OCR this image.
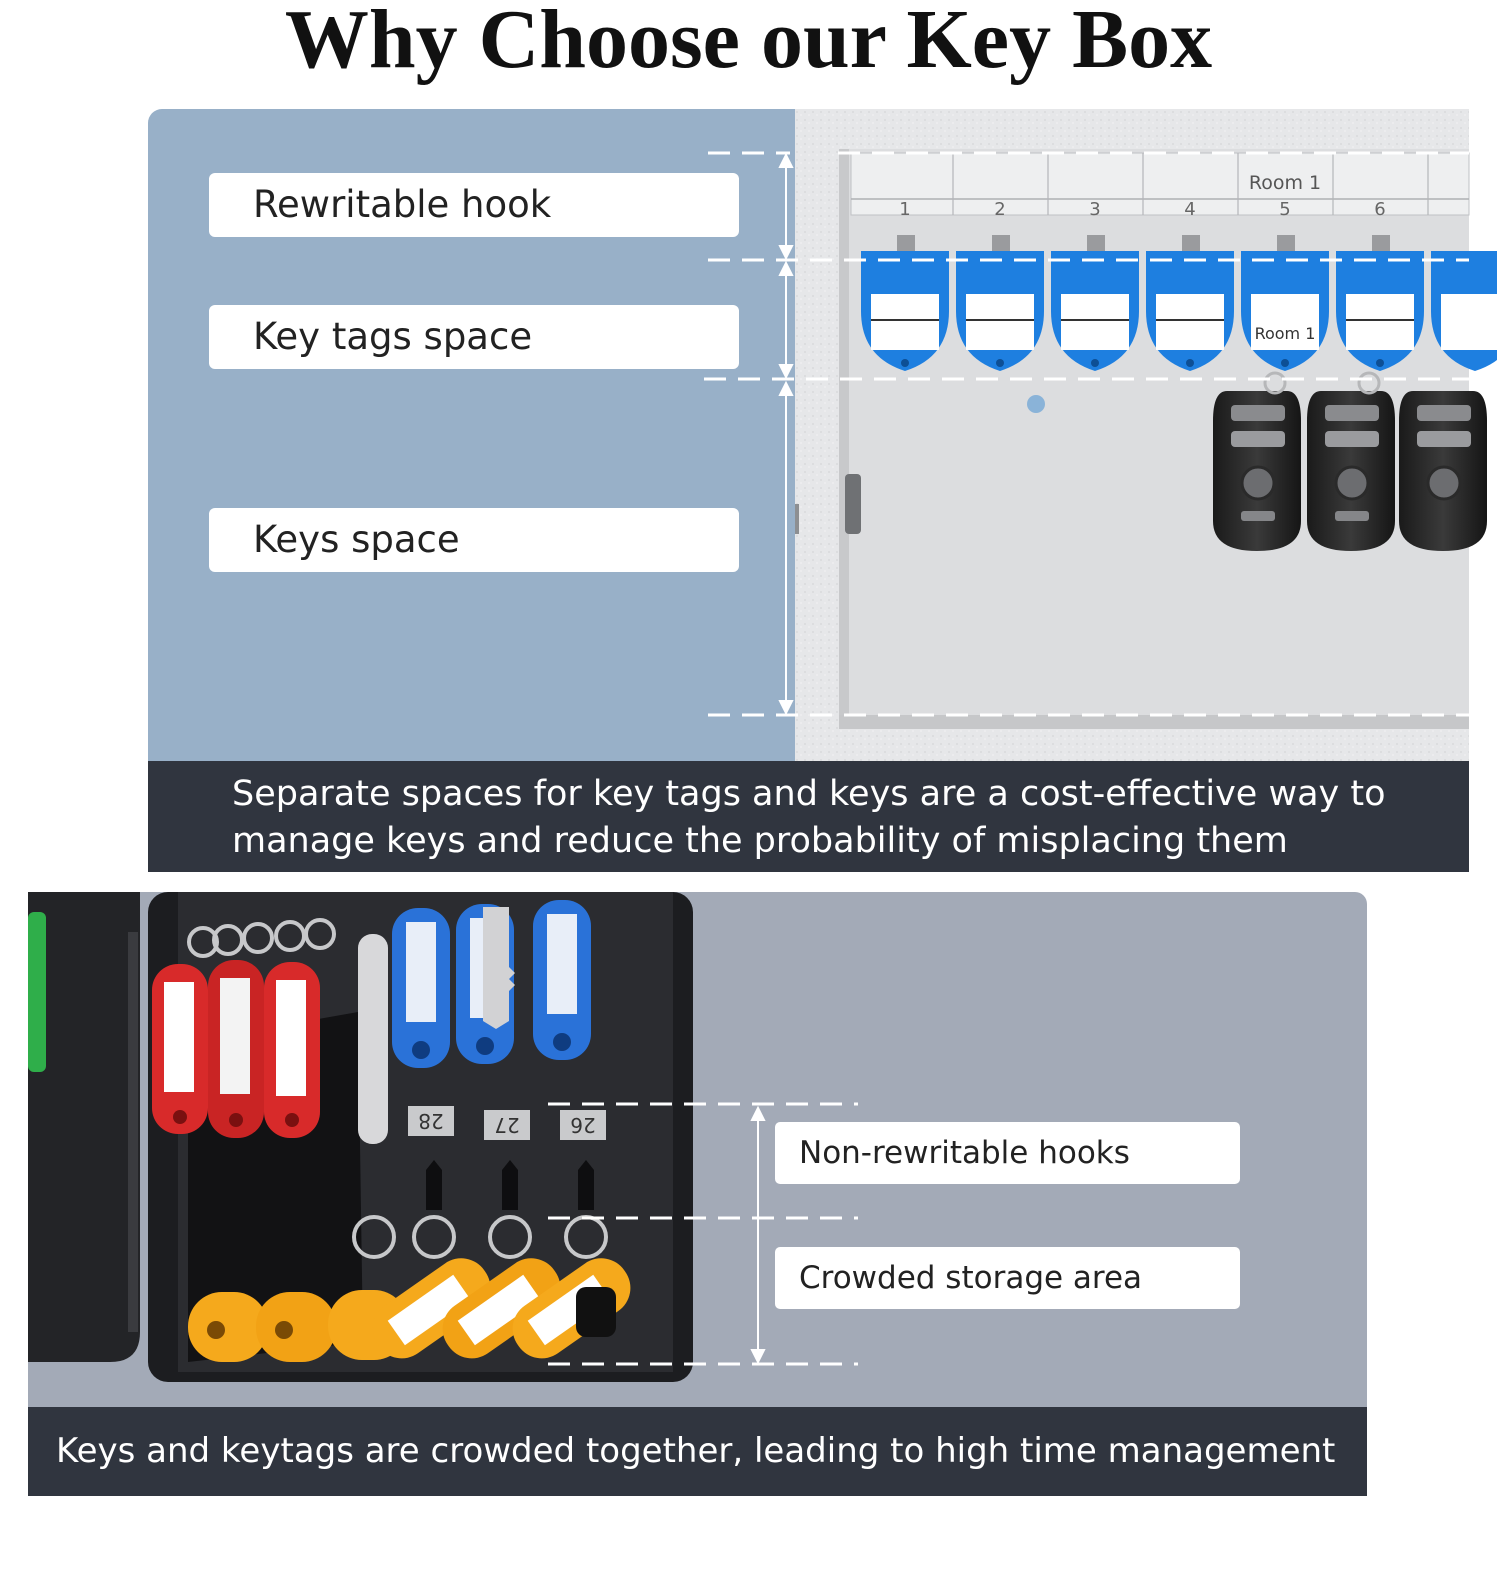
Why Choose our Key Box
Room 1
1	2	3	4	5	6
Room 1
Rewritable hook
Key tags space
Keys space
Separate spaces for key tags and keys are a cost-effective way to
manage keys and reduce the probability of misplacing them
28	27	26
Non-rewritable hooks
Crowded storage area
Keys and keytags are crowded together, leading to high time management costs
